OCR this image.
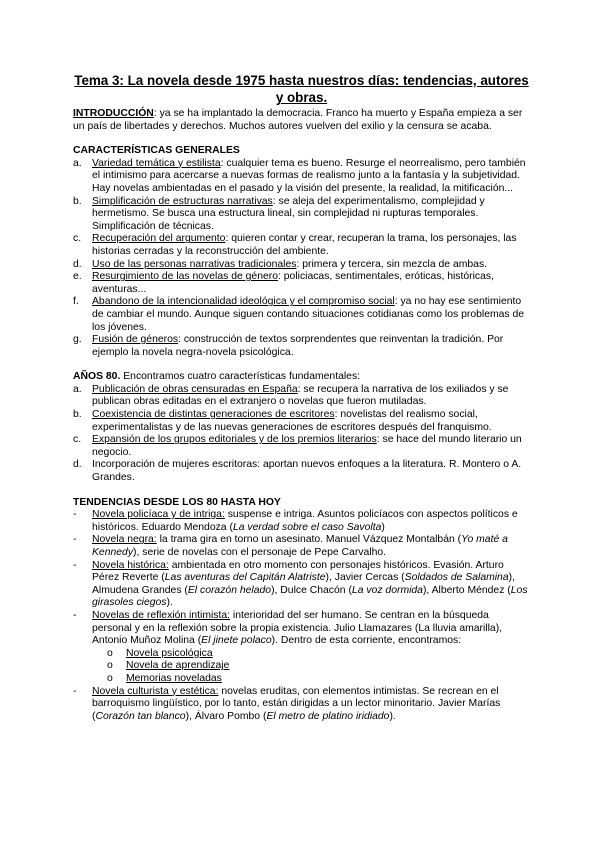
Tema 3: La novela desde 1975 hasta nuestros días: tendencias, autores y obras.

INTRODUCCIÓN: ya se ha implantado la democracia. Franco ha muerto y España empieza a ser un país de libertades y derechos. Muchos autores vuelven del exilio y la censura se acaba.

CARACTERÍSTICAS GENERALES

a. Variedad temática y estilista: cualquier tema es bueno. Resurge el neorrealismo, pero también el intimismo para acercarse a nuevas formas de realismo junto a la fantasía y la subjetividad. Hay novelas ambientadas en el pasado y la visión del presente, la realidad, la mitificación...
b. Simplificación de estructuras narrativas: se aleja del experimentalismo, complejidad y hermetismo. Se busca una estructura lineal, sin complejidad ni rupturas temporales. Simplificación de técnicas.
c.	Recuperación del argumento: quieren contar y crear, recuperan la trama, los personajes, las historias cerradas y la reconstrucción del ambiente.
d. Uso de las personas narrativas tradicionales: primera y tercera, sin mezcla de ambas.
e. Resurgimiento de las novelas de género: policiacas, sentimentales, eróticas, históricas, aventuras...
f.	Abandono de la intencionalidad ideológica y el compromiso social: ya no hay ese sentimiento de cambiar el mundo. Aunque siguen contando situaciones cotidianas como los problemas de los jóvenes.
g. Fusión de géneros: construcción de textos sorprendentes que reinventan la tradición. Por ejemplo la novela negra-novela psicológica.

AÑOS 80. Encontramos cuatro características fundamentales:

a. Publicación de obras censuradas en España: se recupera la narrativa de los exiliados y se publican obras editadas en el extranjero o novelas que fueron mutiladas.
b. Coexistencia de distintas generaciones de escritores: novelistas del realismo social, experimentalistas y de las nuevas generaciones de escritores después del franquismo.
c.	Expansión de los grupos editoriales y de los premios literarios: se hace del mundo literario un negocio.
d. Incorporación de mujeres escritoras: aportan nuevos enfoques a la literatura. R. Montero o A. Grandes.

TENDENCIAS DESDE LOS 80 HASTA HOY

-	Novela policíaca y de intriga: suspense e intriga. Asuntos policíacos con aspectos políticos e históricos. Eduardo Mendoza (La verdad sobre el caso Savolta)
-	Novela negra: la trama gira en torno un asesinato. Manuel Vázquez Montalbán (Yo maté a Kennedy), serie de novelas con el personaje de Pepe Carvalho.
-	Novela histórica: ambientada en otro momento con personajes históricos. Evasión. Arturo Pérez Reverte (Las aventuras del Capitán Alatriste), Javier Cercas (Soldados de Salamina), Almudena Grandes (El corazón helado), Dulce Chacón (La voz dormida), Alberto Méndez (Los girasoles ciegos).
-	Novelas de reflexión intimista: interioridad del ser humano. Se centran en la búsqueda personal y en la reflexión sobre la propia existencia. Julio Llamazares (La lluvia amarilla), Antonio Muñoz Molina (El jinete polaco). Dentro de esta corriente, encontramos:
o	Novela psicológica
o	Novela de aprendizaje
o	Memorias noveladas
-	Novela culturista y estética: novelas eruditas, con elementos intimistas. Se recrean en el barroquismo lingüístico, por lo tanto, están dirigidas a un lector minoritario. Javier Marías (Corazón tan blanco), Álvaro Pombo (El metro de platino iridiado).
